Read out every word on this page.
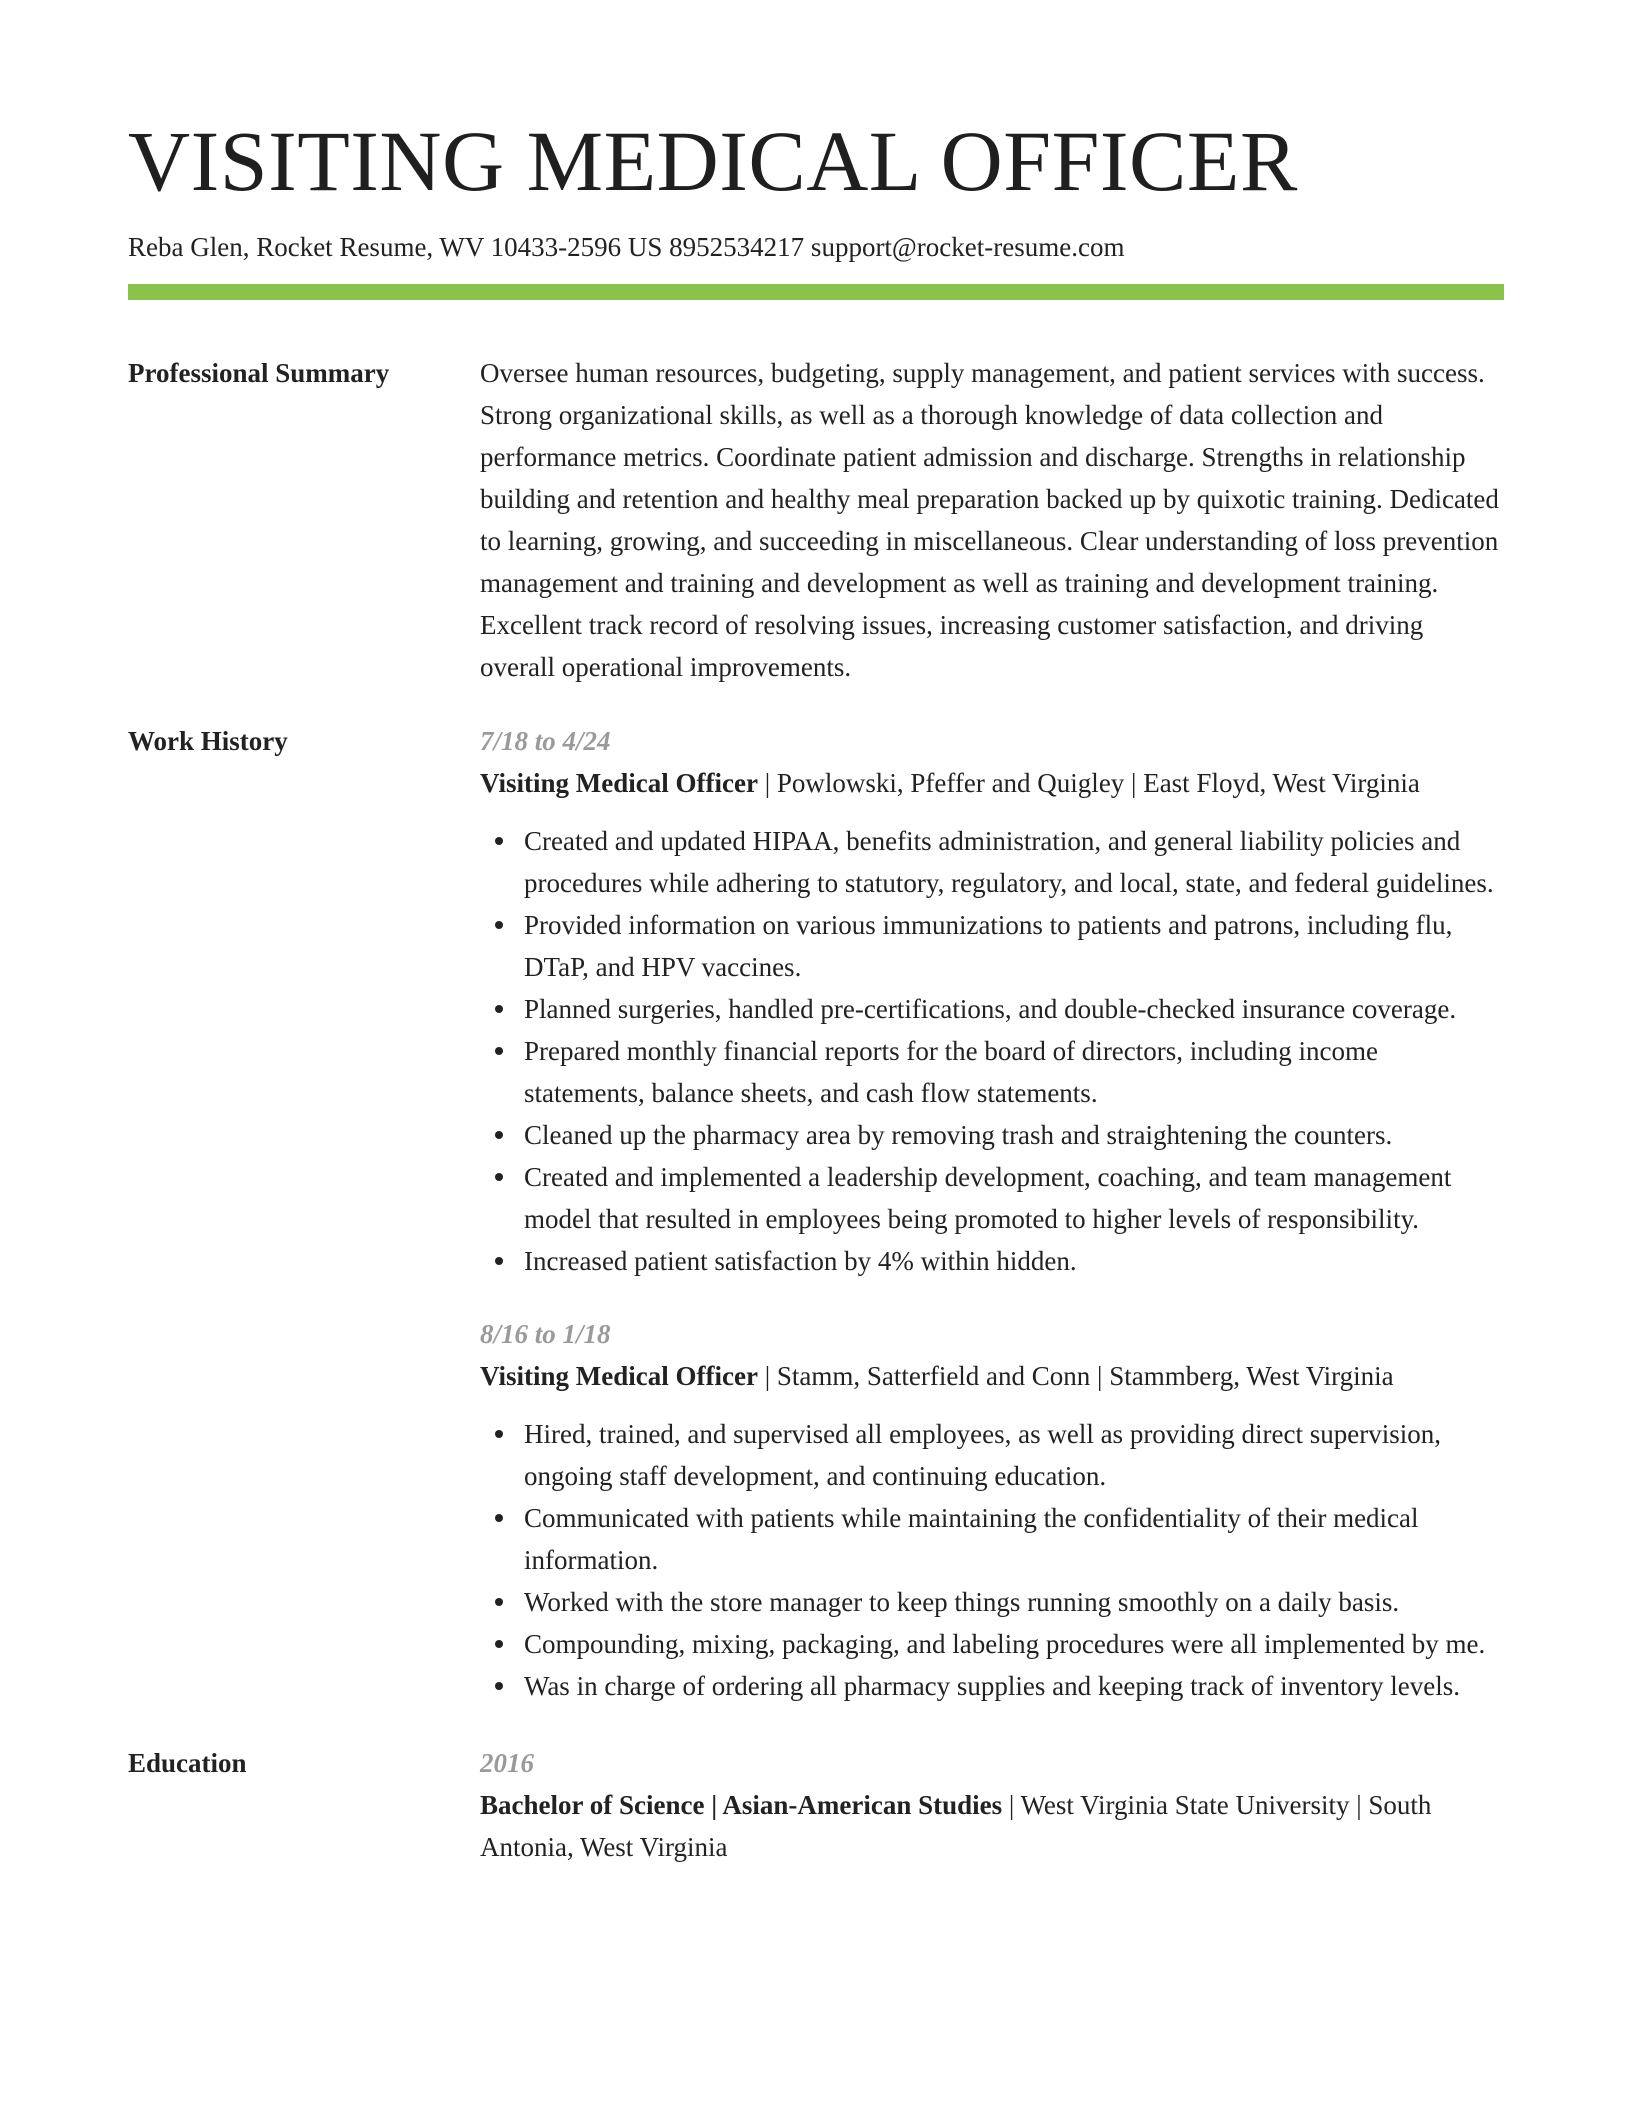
VISITING MEDICAL OFFICER
Reba Glen, Rocket Resume, WV 10433-2596 US 8952534217 support@rocket-resume.com
Professional Summary	Oversee human resources, budgeting, supply management, and patient services with success. Strong organizational skills, as well as a thorough knowledge of data collection and performance metrics. Coordinate patient admission and discharge. Strengths in relationship building and retention and healthy meal preparation backed up by quixotic training. Dedicated to learning, growing, and succeeding in miscellaneous. Clear understanding of loss prevention management and training and development as well as training and development training. Excellent track record of resolving issues, increasing customer satisfaction, and driving overall operational improvements.
Work History	7/18 to 4/24
Visiting Medical Officer | Powlowski, Pfeffer and Quigley | East Floyd, West Virginia
Created and updated HIPAA, benefits administration, and general liability policies and procedures while adhering to statutory, regulatory, and local, state, and federal guidelines.
Provided information on various immunizations to patients and patrons, including flu, DTaP, and HPV vaccines.
Planned surgeries, handled pre-certifications, and double-checked insurance coverage.
Prepared monthly financial reports for the board of directors, including income statements, balance sheets, and cash flow statements.
Cleaned up the pharmacy area by removing trash and straightening the counters.
Created and implemented a leadership development, coaching, and team management model that resulted in employees being promoted to higher levels of responsibility.
Increased patient satisfaction by 4% within hidden.
8/16 to 1/18
Visiting Medical Officer | Stamm, Satterfield and Conn | Stammberg, West Virginia
Hired, trained, and supervised all employees, as well as providing direct supervision, ongoing staff development, and continuing education.
Communicated with patients while maintaining the confidentiality of their medical information.
Worked with the store manager to keep things running smoothly on a daily basis.
Compounding, mixing, packaging, and labeling procedures were all implemented by me.
Was in charge of ordering all pharmacy supplies and keeping track of inventory levels.
Education	2016
Bachelor of Science | Asian-American Studies | West Virginia State University | South Antonia, West Virginia
